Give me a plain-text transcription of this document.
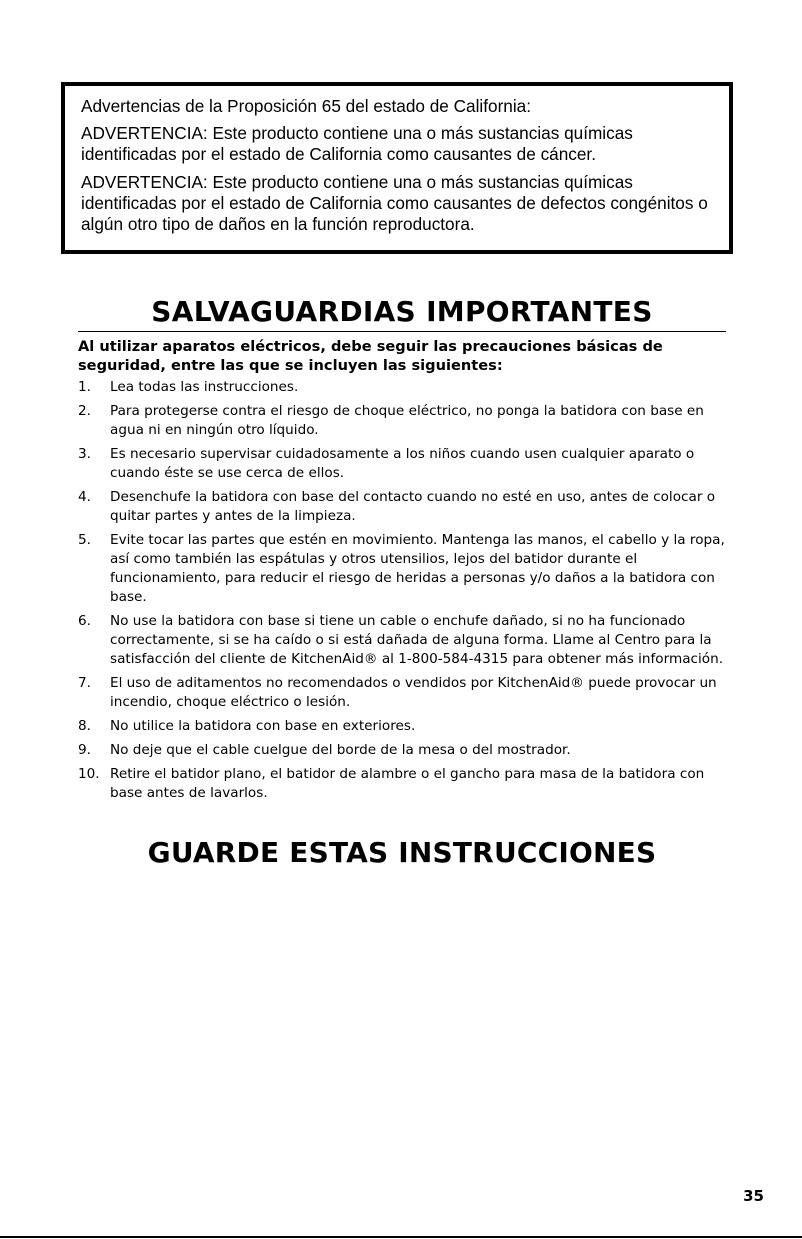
Advertencias de la Proposición 65 del estado de California:

ADVERTENCIA: Este producto contiene una o más sustancias químicas identificadas por el estado de California como causantes de cáncer.

ADVERTENCIA: Este producto contiene una o más sustancias químicas identificadas por el estado de California como causantes de defectos congénitos o algún otro tipo de daños en la función reproductora.

SALVAGUARDIAS IMPORTANTES

Al utilizar aparatos eléctricos, debe seguir las precauciones básicas de seguridad, entre las que se incluyen las siguientes:

1.	Lea todas las instrucciones.
2.	Para protegerse contra el riesgo de choque eléctrico, no ponga la batidora con base en agua ni en ningún otro líquido.
3.	Es necesario supervisar cuidadosamente a los niños cuando usen cualquier aparato o cuando éste se use cerca de ellos.
4.	Desenchufe la batidora con base del contacto cuando no esté en uso, antes de colocar o quitar partes y antes de la limpieza.
5.	Evite tocar las partes que estén en movimiento. Mantenga las manos, el cabello y la ropa, así como también las espátulas y otros utensilios, lejos del batidor durante el funcionamiento, para reducir el riesgo de heridas a personas y/o daños a la batidora con base.
6.	No use la batidora con base si tiene un cable o enchufe dañado, si no ha funcionado correctamente, si se ha caído o si está dañada de alguna forma. Llame al Centro para la satisfacción del cliente de KitchenAid® al 1-800-584-4315 para obtener más información.
7.	El uso de aditamentos no recomendados o vendidos por KitchenAid® puede provocar un incendio, choque eléctrico o lesión.
8.	No utilice la batidora con base en exteriores.
9.	No deje que el cable cuelgue del borde de la mesa o del mostrador.
10. Retire el batidor plano, el batidor de alambre o el gancho para masa de la batidora con base antes de lavarlos.
GUARDE ESTAS INSTRUCCIONES
35
